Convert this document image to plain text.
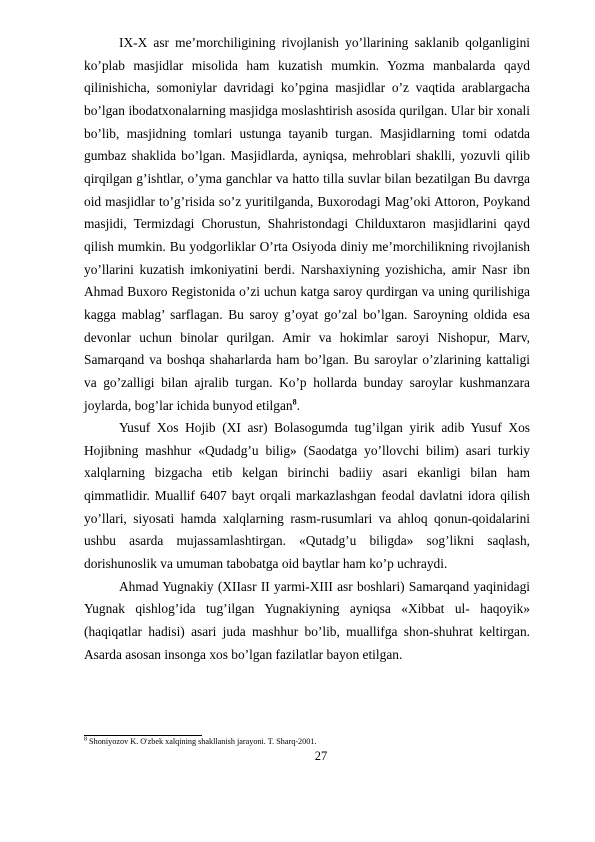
IX-X asr me’morchiligining rivojlanish yo’llarining saklanib qolganligini ko’plab masjidlar misolida ham kuzatish mumkin. Yozma manbalarda qayd qilinishicha, somoniylar davridagi ko’pgina masjidlar o’z vaqtida arablargacha bo’lgan ibodatxonalarning masjidga moslashtirish asosida qurilgan. Ular bir xonali bo’lib, masjidning tomlari ustunga tayanib turgan. Masjidlarning tomi odatda gumbaz shaklida bo’lgan. Masjidlarda, ayniqsa, mehroblari shaklli, yozuvli qilib qirqilgan g’ishtlar, o’yma ganchlar va hatto tilla suvlar bilan bezatilgan Bu davrga oid masjidlar to’g’risida so’z yuritilganda, Buxorodagi Mag’oki Attoron, Poykand masjidi, Termizdagi Chorustun, Shahristondagi Childuxtaron masjidlarini qayd qilish mumkin. Bu yodgorliklar O’rta Osiyoda diniy me’morchilikning rivojlanish yo’llarini kuzatish imkoniyatini berdi. Narshaxiyning yozishicha, amir Nasr ibn Ahmad Buxoro Registonida o’zi uchun katga saroy qurdirgan va uning qurilishiga kagga mablag’ sarflagan. Bu saroy g’oyat go’zal bo’lgan. Saroyning oldida esa devonlar uchun binolar qurilgan. Amir va hokimlar saroyi Nishopur, Marv, Samarqand va boshqa shaharlarda ham bo’lgan. Bu saroylar o’zlarining kattaligi va go’zalligi bilan ajralib turgan. Ko’p hollarda bunday saroylar kushmanzara joylarda, bog’lar ichida bunyod etilgan$^8$.

Yusuf Xos Hojib (XI asr) Bolasogumda tug’ilgan yirik adib Yusuf Xos Hojibning mashhur «Qudadg’u bilig» (Saodatga yo’llovchi bilim) asari turkiy xalqlarning bizgacha etib kelgan birinchi badiiy asari ekanligi bilan ham qimmatlidir. Muallif 6407 bayt orqali markazlashgan feodal davlatni idora qilish yo’llari, siyosati hamda xalqlarning rasm-rusumlari va ahloq qonun-qoidalarini ushbu asarda mujassamlashtirgan. «Qutadg’u biligda» sog’likni saqlash, dorishunoslik va umuman tabobatga oid baytlar ham ko’p uchraydi.

Ahmad Yugnakiy (XIIasr II yarmi-XIII asr boshlari) Samarqand yaqinidagi Yugnak qishlog’ida tug’ilgan Yugnakiyning ayniqsa «Xibbat ul- haqoyik» (haqiqatlar hadisi) asari juda mashhur bo’lib, muallifga shon-shuhrat keltirgan. Asarda asosan insonga xos bo’lgan fazilatlar bayon etilgan.

$^8$ Shoniyozov K. O'zbek xalqining shakllanish jarayoni. T. Sharq-2001.
27
